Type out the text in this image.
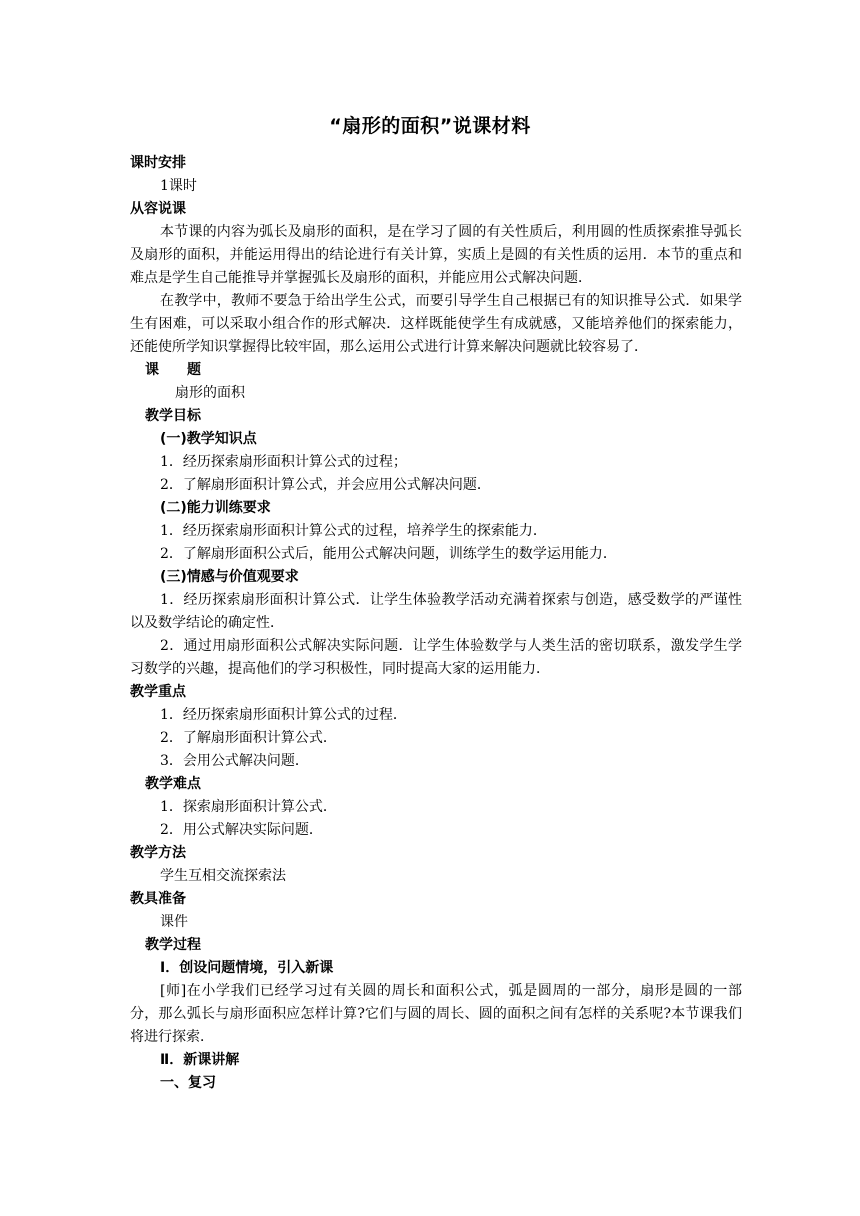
“扇形的面积”说课材料
课时安排
1课时
从容说课
本节课的内容为弧长及扇形的面积，是在学习了圆的有关性质后，利用圆的性质探索推导弧长及扇形的面积，并能运用得出的结论进行有关计算，实质上是圆的有关性质的运用．本节的重点和难点是学生自己能推导并掌握弧长及扇形的面积，并能应用公式解决问题．
在教学中，教师不要急于给出学生公式，而要引导学生自己根据已有的知识推导公式．如果学生有困难，可以采取小组合作的形式解决．这样既能使学生有成就感，又能培养他们的探索能力，还能使所学知识掌握得比较牢固，那么运用公式进行计算来解决问题就比较容易了．
课 题
扇形的面积
教学目标
(一)教学知识点
1．经历探索扇形面积计算公式的过程；
2．了解扇形面积计算公式，并会应用公式解决问题．
(二)能力训练要求
1．经历探索扇形面积计算公式的过程，培养学生的探索能力．
2．了解扇形面积公式后，能用公式解决问题，训练学生的数学运用能力．
(三)情感与价值观要求
1．经历探索扇形面积计算公式．让学生体验教学活动充满着探索与创造，感受数学的严谨性以及数学结论的确定性．
2．通过用扇形面积公式解决实际问题．让学生体验数学与人类生活的密切联系，激发学生学习数学的兴趣，提高他们的学习积极性，同时提高大家的运用能力．
教学重点
1．经历探索扇形面积计算公式的过程．
2．了解扇形面积计算公式．
3．会用公式解决问题．
教学难点
1．探索扇形面积计算公式．
2．用公式解决实际问题．
教学方法
学生互相交流探索法
教具准备
课件
教学过程
Ⅰ．创设问题情境，引入新课
[师]在小学我们已经学习过有关圆的周长和面积公式，弧是圆周的一部分，扇形是圆的一部分，那么弧长与扇形面积应怎样计算?它们与圆的周长、圆的面积之间有怎样的关系呢?本节课我们将进行探索．
Ⅱ．新课讲解
一、复习
